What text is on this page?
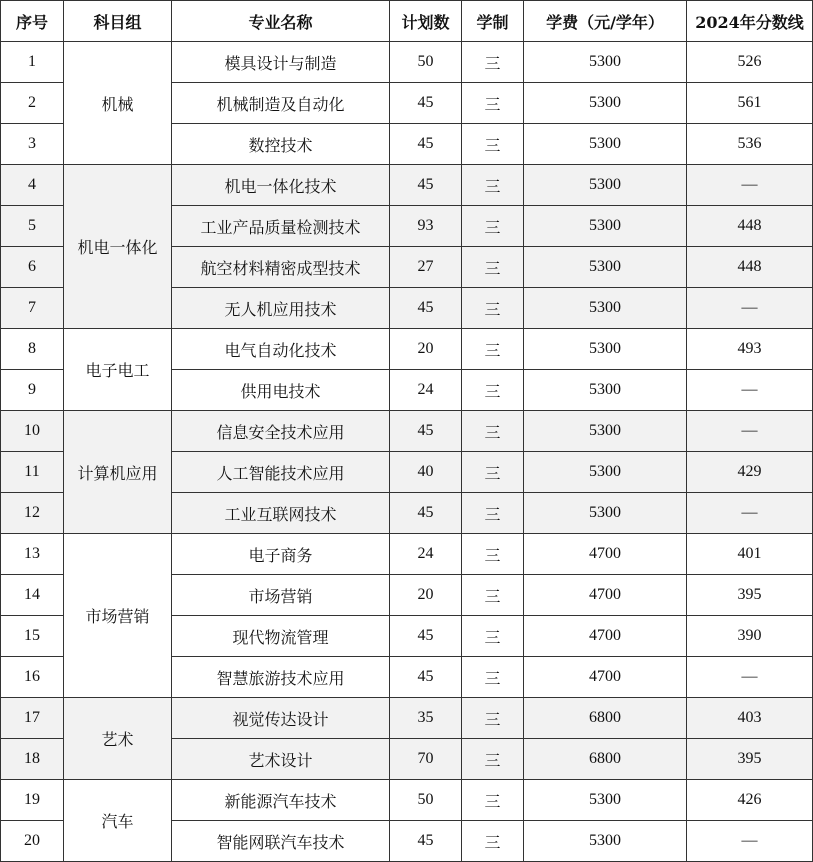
序号	科目组	专业名称	计划数	学制	学费（元/学年）	2024年分数线
1	机械	模具设计与制造	50	三	5300	526
2		机械制造及自动化	45	三	5300	561
3		数控技术	45	三	5300	536
4	机电一体化	机电一体化技术	45	三	5300	—
5		工业产品质量检测技术	93	三	5300	448
6		航空材料精密成型技术	27	三	5300	448
7		无人机应用技术	45	三	5300	—
8	电子电工	电气自动化技术	20	三	5300	493
9		供用电技术	24	三	5300	—
10	计算机应用	信息安全技术应用	45	三	5300	—
11		人工智能技术应用	40	三	5300	429
12		工业互联网技术	45	三	5300	—
13	市场营销	电子商务	24	三	4700	401
14		市场营销	20	三	4700	395
15		现代物流管理	45	三	4700	390
16		智慧旅游技术应用	45	三	4700	—
17	艺术	视觉传达设计	35	三	6800	403
18		艺术设计	70	三	6800	395
19	汽车	新能源汽车技术	50	三	5300	426
20		智能网联汽车技术	45	三	5300	—
